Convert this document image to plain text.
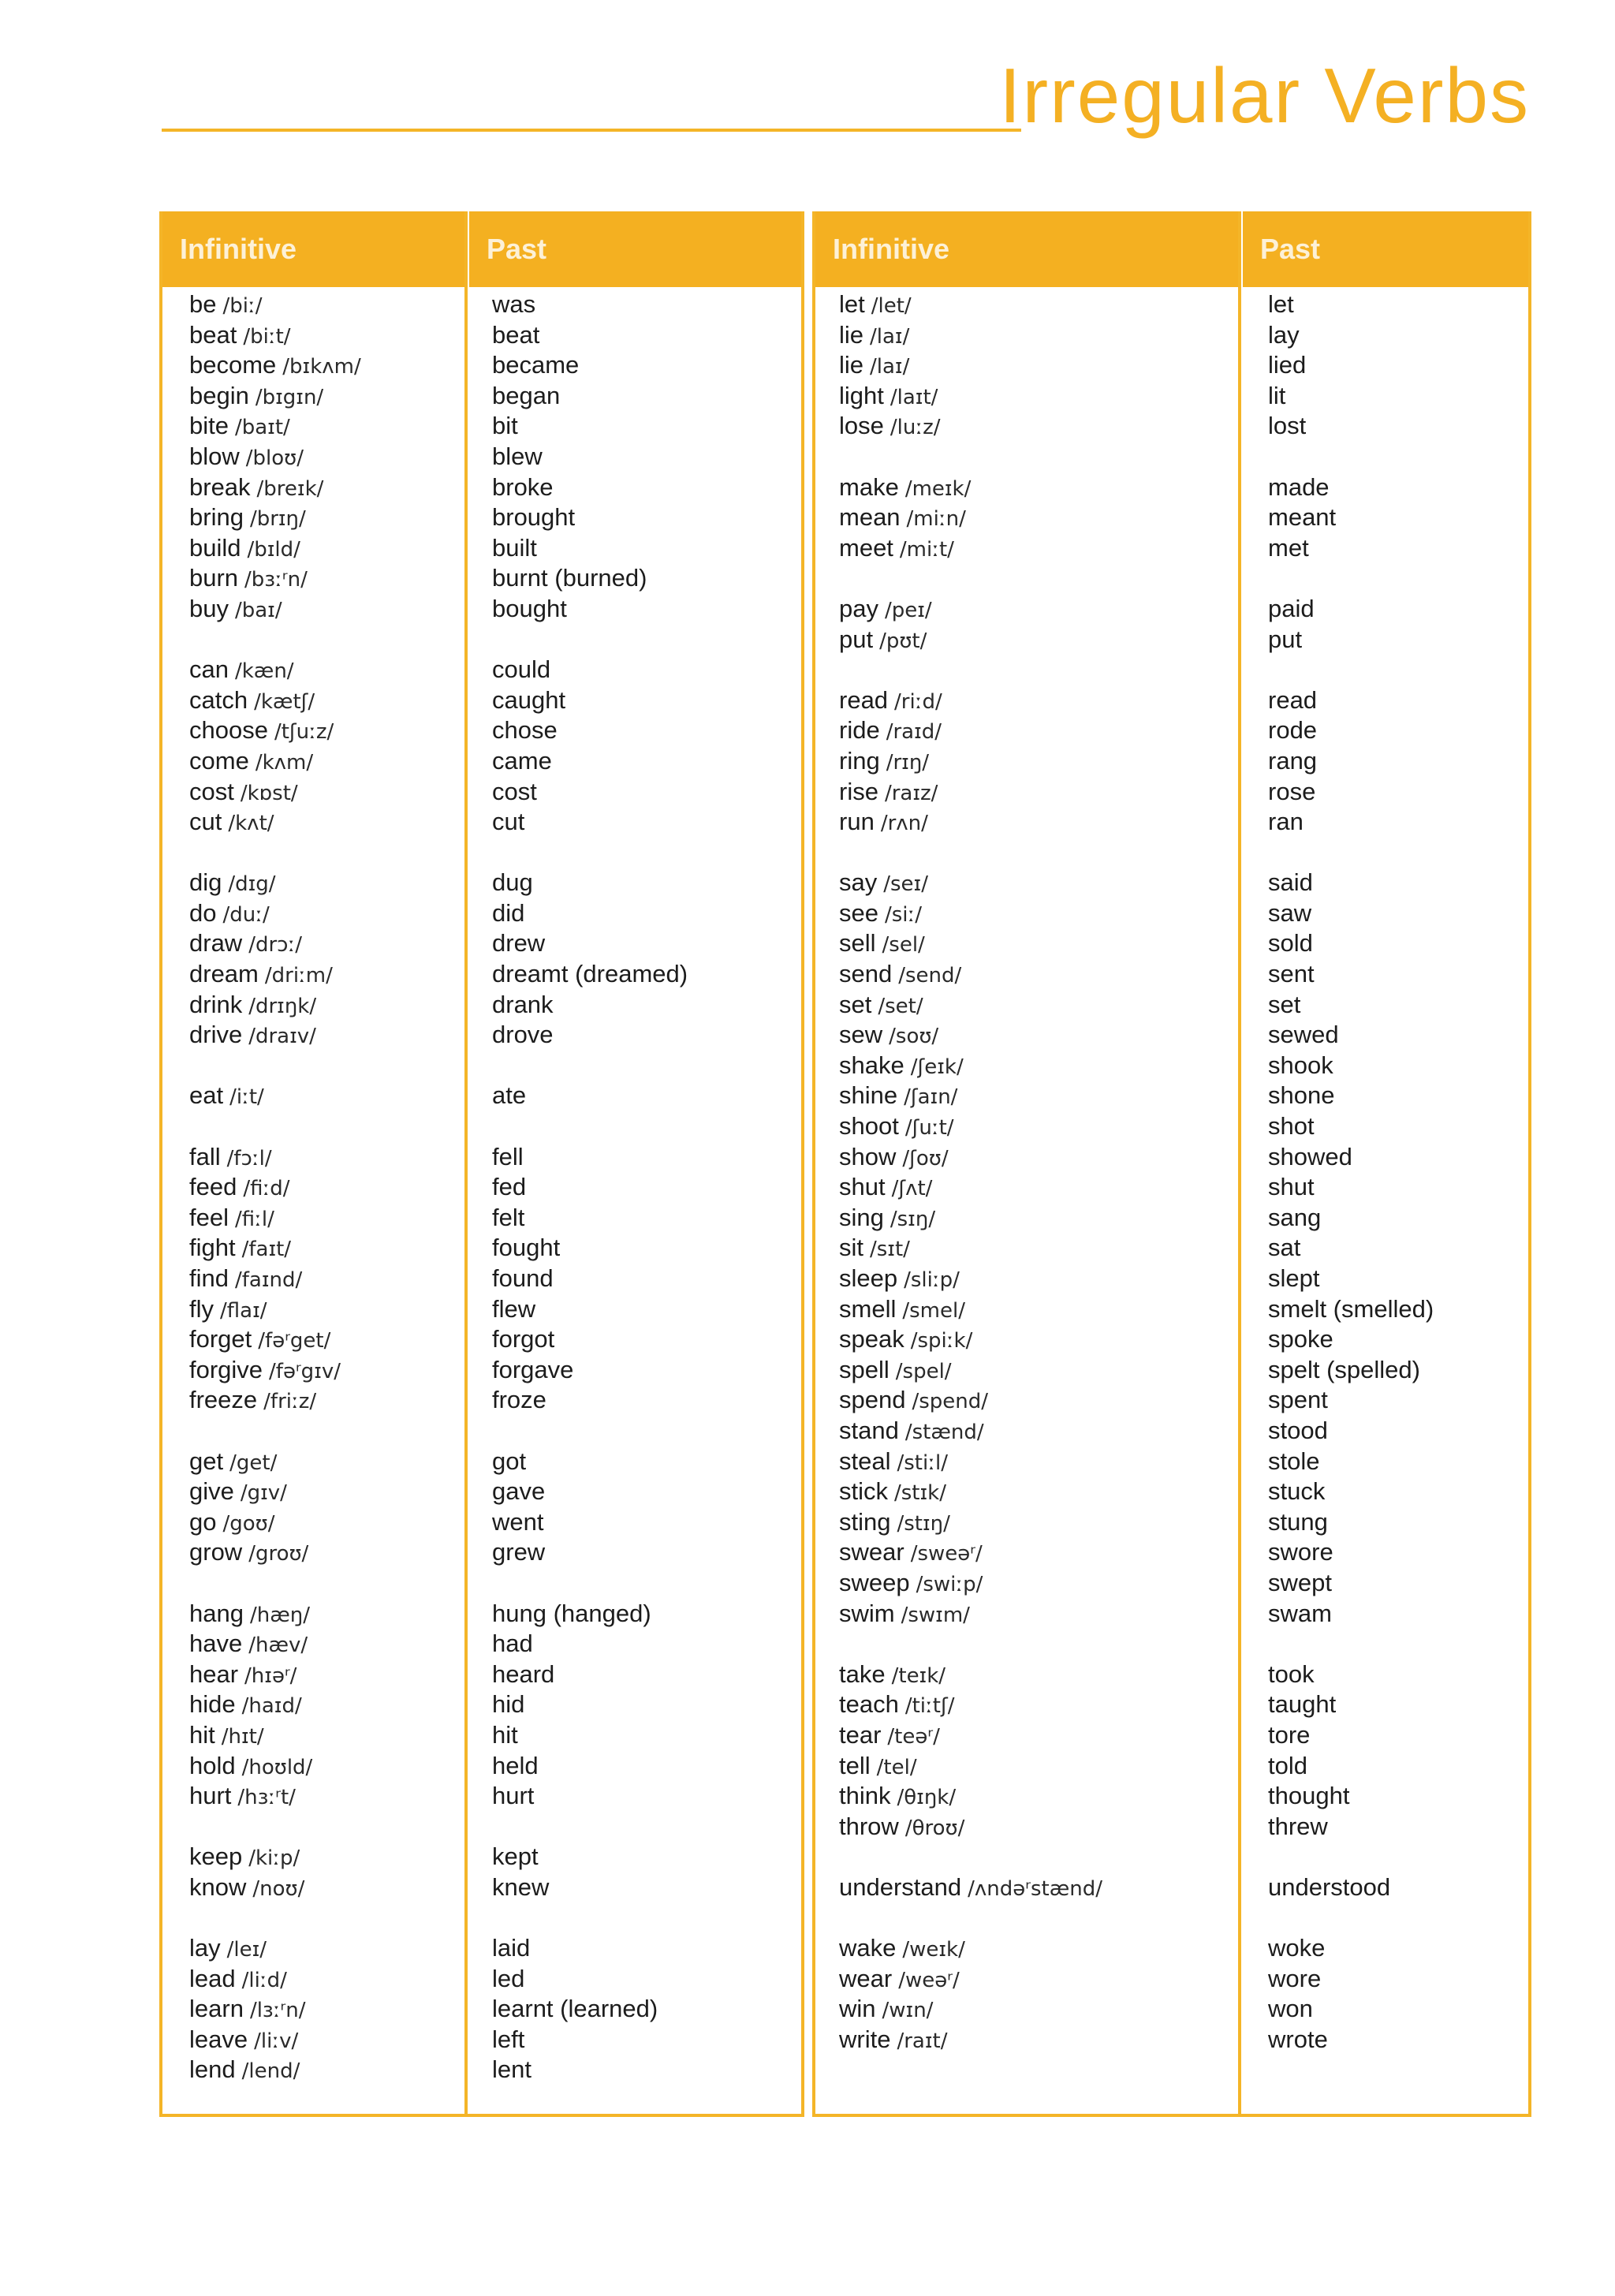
Irregular Verbs
Infinitive	Past
be /biː/
beat /biːt/
become /bɪkʌm/
begin /bɪgɪn/
bite /baɪt/
blow /bloʊ/
break /breɪk/
bring /brɪŋ/
build /bɪld/
burn /bɜːʳn/
buy /baɪ/
can /kæn/
catch /kætʃ/
choose /tʃuːz/
come /kʌm/
cost /kɒst/
cut /kʌt/
dig /dɪg/
do /duː/
draw /drɔː/
dream /driːm/
drink /drɪŋk/
drive /draɪv/
eat /iːt/
fall /fɔːl/
feed /fiːd/
feel /fiːl/
fight /faɪt/
find /faɪnd/
fly /flaɪ/
forget /fəʳget/
forgive /fəʳgɪv/
freeze /friːz/
get /get/
give /gɪv/
go /goʊ/
grow /groʊ/
hang /hæŋ/
have /hæv/
hear /hɪəʳ/
hide /haɪd/
hit /hɪt/
hold /hoʊld/
hurt /hɜːʳt/
keep /kiːp/
know /noʊ/
lay /leɪ/
lead /liːd/
learn /lɜːʳn/
leave /liːv/
lend /lend/
was
beat
became
began
bit
blew
broke
brought
built
burnt (burned)
bought
could
caught
chose
came
cost
cut
dug
did
drew
dreamt (dreamed)
drank
drove
ate
fell
fed
felt
fought
found
flew
forgot
forgave
froze
got
gave
went
grew
hung (hanged)
had
heard
hid
hit
held
hurt
kept
knew
laid
led
learnt (learned)
left
lent
Infinitive	Past
let /let/
lie /laɪ/
lie /laɪ/
light /laɪt/
lose /luːz/
make /meɪk/
mean /miːn/
meet /miːt/
pay /peɪ/
put /pʊt/
read /riːd/
ride /raɪd/
ring /rɪŋ/
rise /raɪz/
run /rʌn/
say /seɪ/
see /siː/
sell /sel/
send /send/
set /set/
sew /soʊ/
shake /ʃeɪk/
shine /ʃaɪn/
shoot /ʃuːt/
show /ʃoʊ/
shut /ʃʌt/
sing /sɪŋ/
sit /sɪt/
sleep /sliːp/
smell /smel/
speak /spiːk/
spell /spel/
spend /spend/
stand /stænd/
steal /stiːl/
stick /stɪk/
sting /stɪŋ/
swear /sweəʳ/
sweep /swiːp/
swim /swɪm/
take /teɪk/
teach /tiːtʃ/
tear /teəʳ/
tell /tel/
think /θɪŋk/
throw /θroʊ/
understand /ʌndəʳstænd/
wake /weɪk/
wear /weəʳ/
win /wɪn/
write /raɪt/
let
lay
lied
lit
lost
made
meant
met
paid
put
read
rode
rang
rose
ran
said
saw
sold
sent
set
sewed
shook
shone
shot
showed
shut
sang
sat
slept
smelt (smelled)
spoke
spelt (spelled)
spent
stood
stole
stuck
stung
swore
swept
swam
took
taught
tore
told
thought
threw
understood
woke
wore
won
wrote
